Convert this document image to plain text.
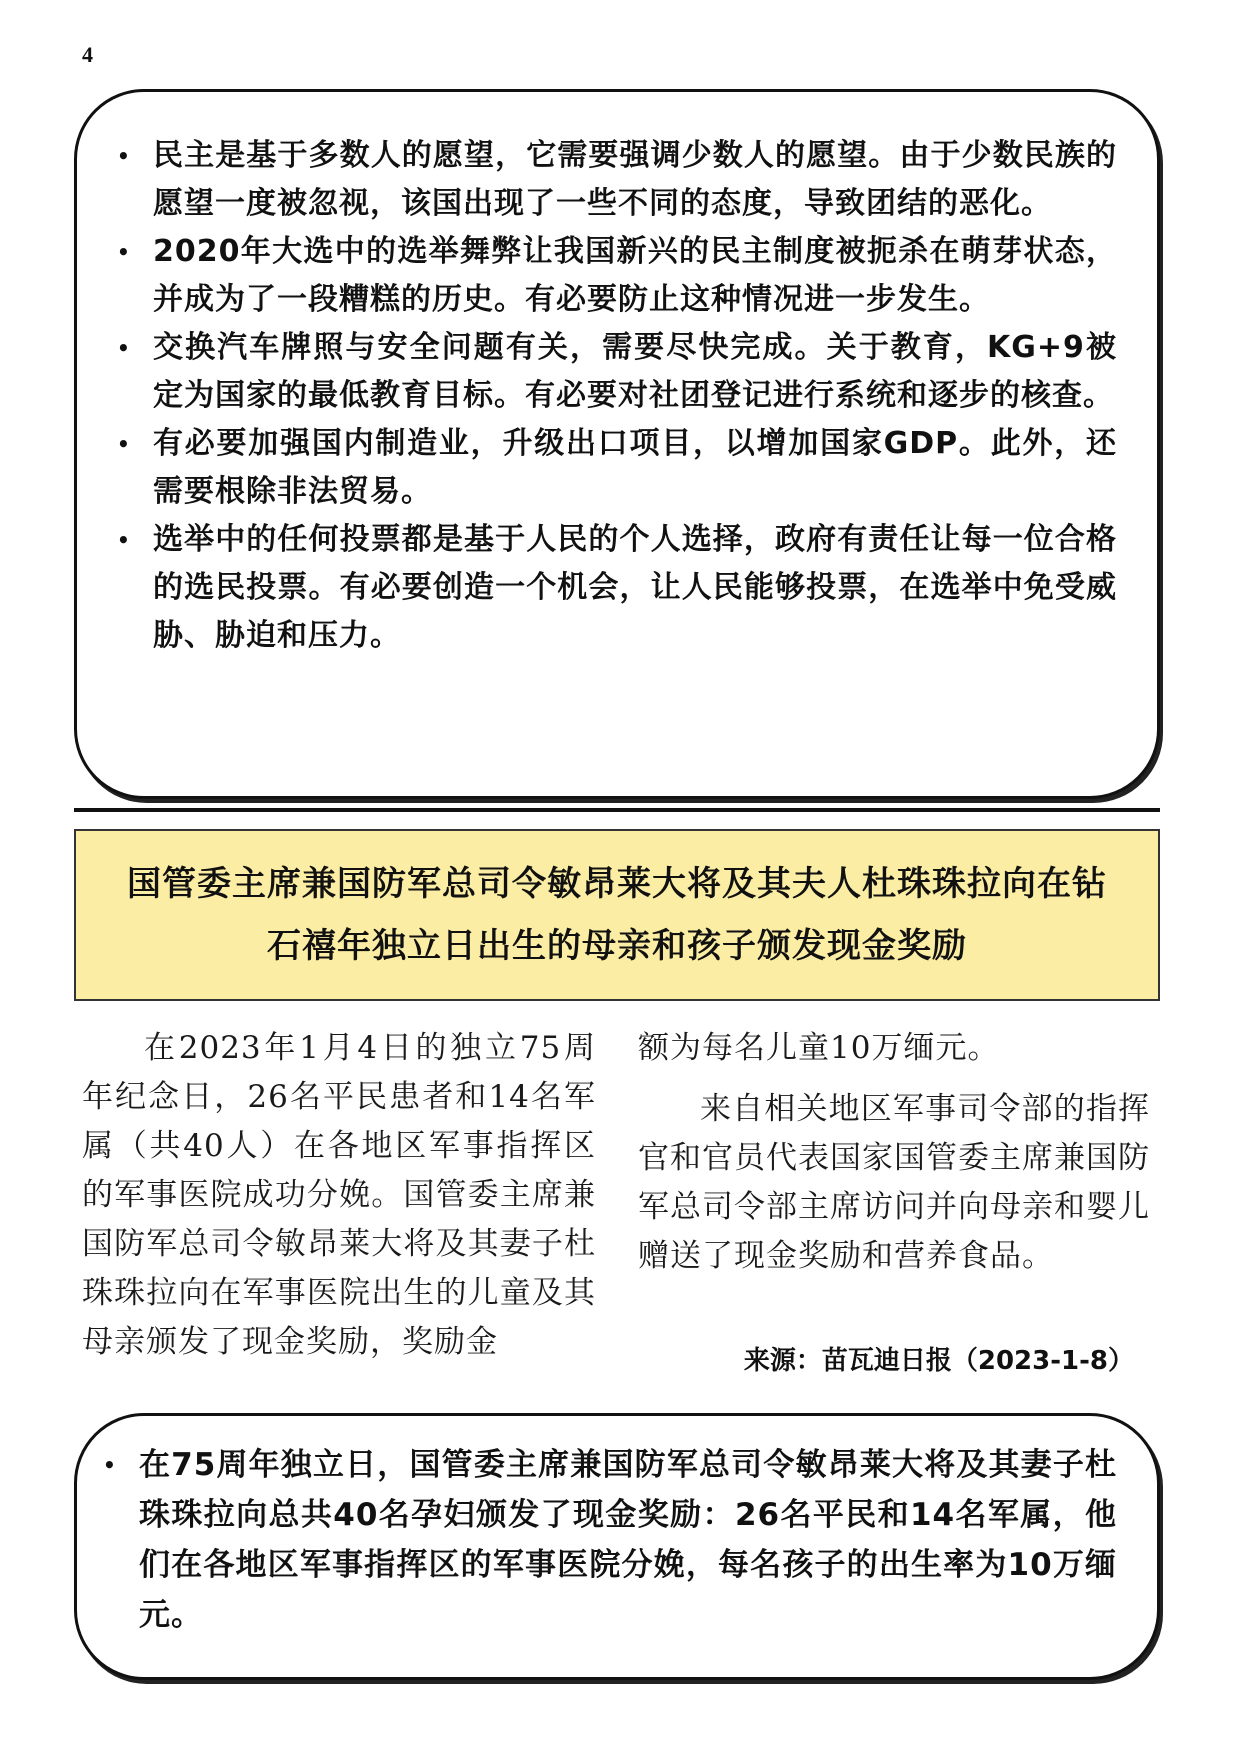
4
• 民主是基于多数人的愿望，它需要强调少数人的愿望。由于少数民族的愿望一度被忽视，该国出现了一些不同的态度，导致团结的恶化。
• 2020年大选中的选举舞弊让我国新兴的民主制度被扼杀在萌芽状态，并成为了一段糟糕的历史。有必要防止这种情况进一步发生。
• 交换汽车牌照与安全问题有关，需要尽快完成。关于教育，KG+9被定为国家的最低教育目标。有必要对社团登记进行系统和逐步的核查。
• 有必要加强国内制造业，升级出口项目，以增加国家GDP。此外，还需要根除非法贸易。
• 选举中的任何投票都是基于人民的个人选择，政府有责任让每一位合格的选民投票。有必要创造一个机会，让人民能够投票，在选举中免受威胁、胁迫和压力。
国管委主席兼国防军总司令敏昂莱大将及其夫人杜珠珠拉向在钻
石禧年独立日出生的母亲和孩子颁发现金奖励

在2023年1月4日的独立75周年纪念日，26名平民患者和14名军属（共40人）在各地区军事指挥区的军事医院成功分娩。国管委主席兼国防军总司令敏昂莱大将及其妻子杜珠珠拉向在军事医院出生的儿童及其母亲颁发了现金奖励，奖励金

额为每名儿童10万缅元。

来自相关地区军事司令部的指挥官和官员代表国家国管委主席兼国防军总司令部主席访问并向母亲和婴儿赠送了现金奖励和营养食品。

来源：苗瓦迪日报（2023-1-8）
• 在75周年独立日，国管委主席兼国防军总司令敏昂莱大将及其妻子杜珠珠拉向总共40名孕妇颁发了现金奖励：26名平民和14名军属，他们在各地区军事指挥区的军事医院分娩，每名孩子的出生率为10万缅元。
